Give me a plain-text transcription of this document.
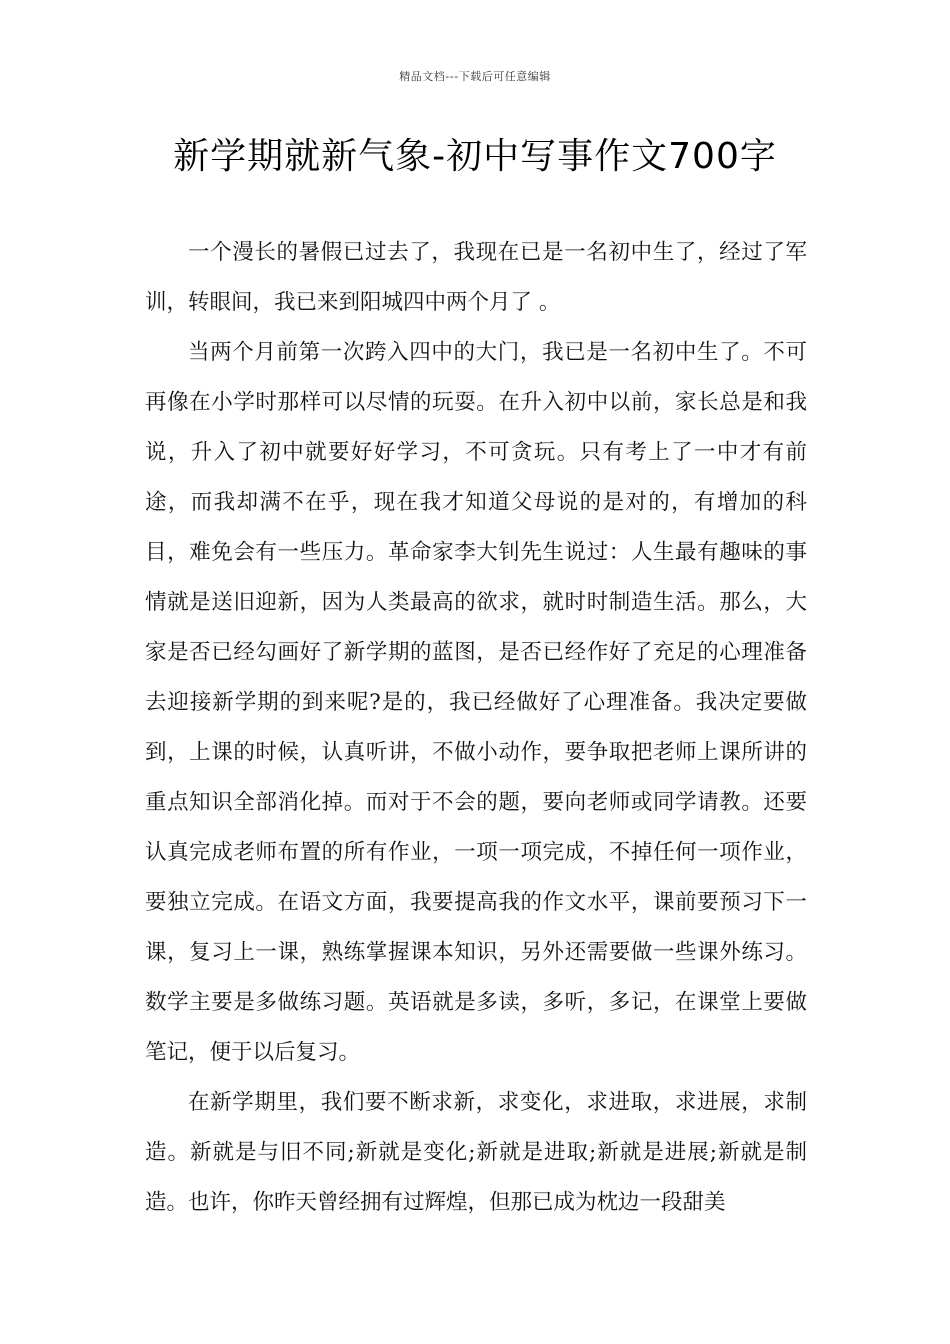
精品文档---下载后可任意编辑
新学期就新气象-初中写事作文700字

一个漫长的暑假已过去了，我现在已是一名初中生了，经过了军训，转眼间，我已来到阳城四中两个月了 。

当两个月前第一次跨入四中的大门，我已是一名初中生了。不可再像在小学时那样可以尽情的玩耍。在升入初中以前，家长总是和我说，升入了初中就要好好学习，不可贪玩。只有考上了一中才有前途，而我却满不在乎，现在我才知道父母说的是对的，有增加的科目，难免会有一些压力。革命家李大钊先生说过：人生最有趣味的事情就是送旧迎新，因为人类最高的欲求，就时时制造生活。那么，大家是否已经勾画好了新学期的蓝图，是否已经作好了充足的心理准备去迎接新学期的到来呢?是的，我已经做好了心理准备。我决定要做到，上课的时候，认真听讲，不做小动作，要争取把老师上课所讲的重点知识全部消化掉。而对于不会的题，要向老师或同学请教。还要认真完成老师布置的所有作业，一项一项完成，不掉任何一项作业，要独立完成。在语文方面，我要提高我的作文水平，课前要预习下一课，复习上一课，熟练掌握课本知识，另外还需要做一些课外练习。数学主要是多做练习题。英语就是多读，多听，多记，在课堂上要做笔记，便于以后复习。

在新学期里，我们要不断求新，求变化，求进取，求进展，求制造。新就是与旧不同;新就是变化;新就是进取;新就是进展;新就是制造。也许，你昨天曾经拥有过辉煌，但那已成为枕边一段甜美
